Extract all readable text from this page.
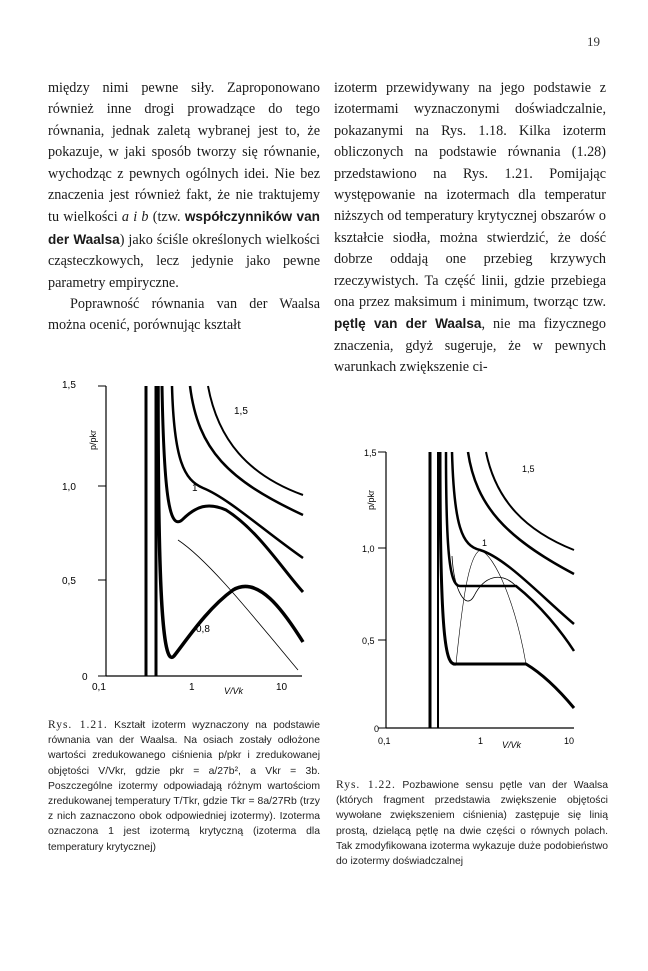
19

między nimi pewne siły. Zaproponowano również inne drogi prowadzące do tego równania, jednak zaletą wybranej jest to, że pokazuje, w jaki sposób tworzy się równanie, wychodząc z pewnych ogólnych idei. Nie bez znaczenia jest również fakt, że nie traktujemy tu wielkości a i b (tzw. współczynników van der Waalsa) jako ściśle określonych wielkości cząsteczkowych, lecz jedynie jako pewne parametry empiryczne.

Poprawność równania van der Waalsa można ocenić, porównując kształt

1,5
1,0
0,5
0
p/pkr
0,1	1	10
V/Vk
1,5
1
0,8

Rys. 1.21. Kształt izoterm wyznaczony na podstawie równania van der Waalsa. Na osiach zostały odłożone wartości zredukowanego ciśnienia p/pkr i zredukowanej objętości V/Vkr, gdzie pkr = a/27b², a Vkr = 3b. Poszczególne izotermy odpowiadają różnym wartościom zredukowanej temperatury T/Tkr, gdzie Tkr = 8a/27Rb (trzy z nich zaznaczono obok odpowiedniej izotermy). Izoterma oznaczona 1 jest izotermą krytyczną (izoterma dla temperatury krytycznej)

izoterm przewidywany na jego podstawie z izotermami wyznaczonymi doświadczalnie, pokazanymi na Rys. 1.18. Kilka izoterm obliczonych na podstawie równania (1.28) przedstawiono na Rys. 1.21. Pomijając występowanie na izotermach dla temperatur niższych od temperatury krytycznej obszarów o kształcie siodła, można stwierdzić, że dość dobrze oddają one przebieg krzywych rzeczywistych. Ta część linii, gdzie przebiega ona przez maksimum i minimum, tworząc tzw. pętlę van der Waalsa, nie ma fizycznego znaczenia, gdyż sugeruje, że w pewnych warunkach zwiększenie ci-

1,5
1,0
0,5
0
p/pkr
0,1	1	10
V/Vk
1,5
1

Rys. 1.22. Pozbawione sensu pętle van der Waalsa (których fragment przedstawia zwiększenie objętości wywołane zwiększeniem ciśnienia) zastępuje się linią prostą, dzielącą pętlę na dwie części o równych polach. Tak zmodyfikowana izoterma wykazuje duże podobieństwo do izotermy doświadczalnej
